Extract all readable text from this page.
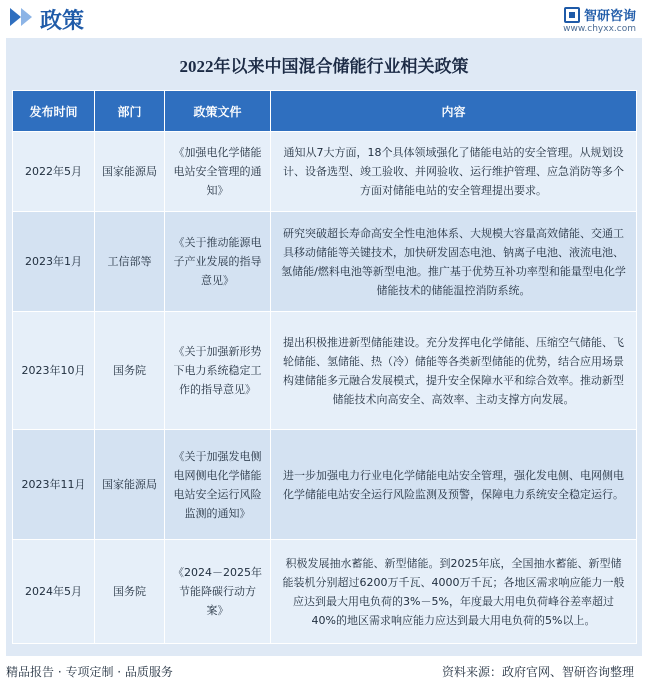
政策	智研咨询
www.chyxx.com
2022年以来中国混合储能行业相关政策
发布时间	部门	政策文件	内容
2022年5月	国家能源局	《加强电化学储能电站安全管理的通知》	通知从7大方面，18个具体领域强化了储能电站的安全管理。从规划设计、设备选型、竣工验收、并网验收、运行维护管理、应急消防等多个方面对储能电站的安全管理提出要求。
2023年1月	工信部等	《关于推动能源电子产业发展的指导意见》	研究突破超长寿命高安全性电池体系、大规模大容量高效储能、交通工具移动储能等关键技术，加快研发固态电池、钠离子电池、液流电池、氢储能/燃料电池等新型电池。推广基于优势互补功率型和能量型电化学储能技术的储能温控消防系统。
2023年10月	国务院	《关于加强新形势下电力系统稳定工作的指导意见》	提出积极推进新型储能建设。充分发挥电化学储能、压缩空气储能、飞轮储能、氢储能、热（冷）储能等各类新型储能的优势，结合应用场景构建储能多元融合发展模式，提升安全保障水平和综合效率。推动新型储能技术向高安全、高效率、主动支撑方向发展。
2023年11月	国家能源局	《关于加强发电侧电网侧电化学储能电站安全运行风险监测的通知》	进一步加强电力行业电化学储能电站安全管理，强化发电侧、电网侧电化学储能电站安全运行风险监测及预警，保障电力系统安全稳定运行。
2024年5月	国务院	《2024－2025年节能降碳行动方案》	积极发展抽水蓄能、新型储能。到2025年底，全国抽水蓄能、新型储能装机分别超过6200万千瓦、4000万千瓦；各地区需求响应能力一般应达到最大用电负荷的3%－5%，年度最大用电负荷峰谷差率超过40%的地区需求响应能力应达到最大用电负荷的5%以上。
精品报告 · 专项定制 · 品质服务	资料来源：政府官网、智研咨询整理
